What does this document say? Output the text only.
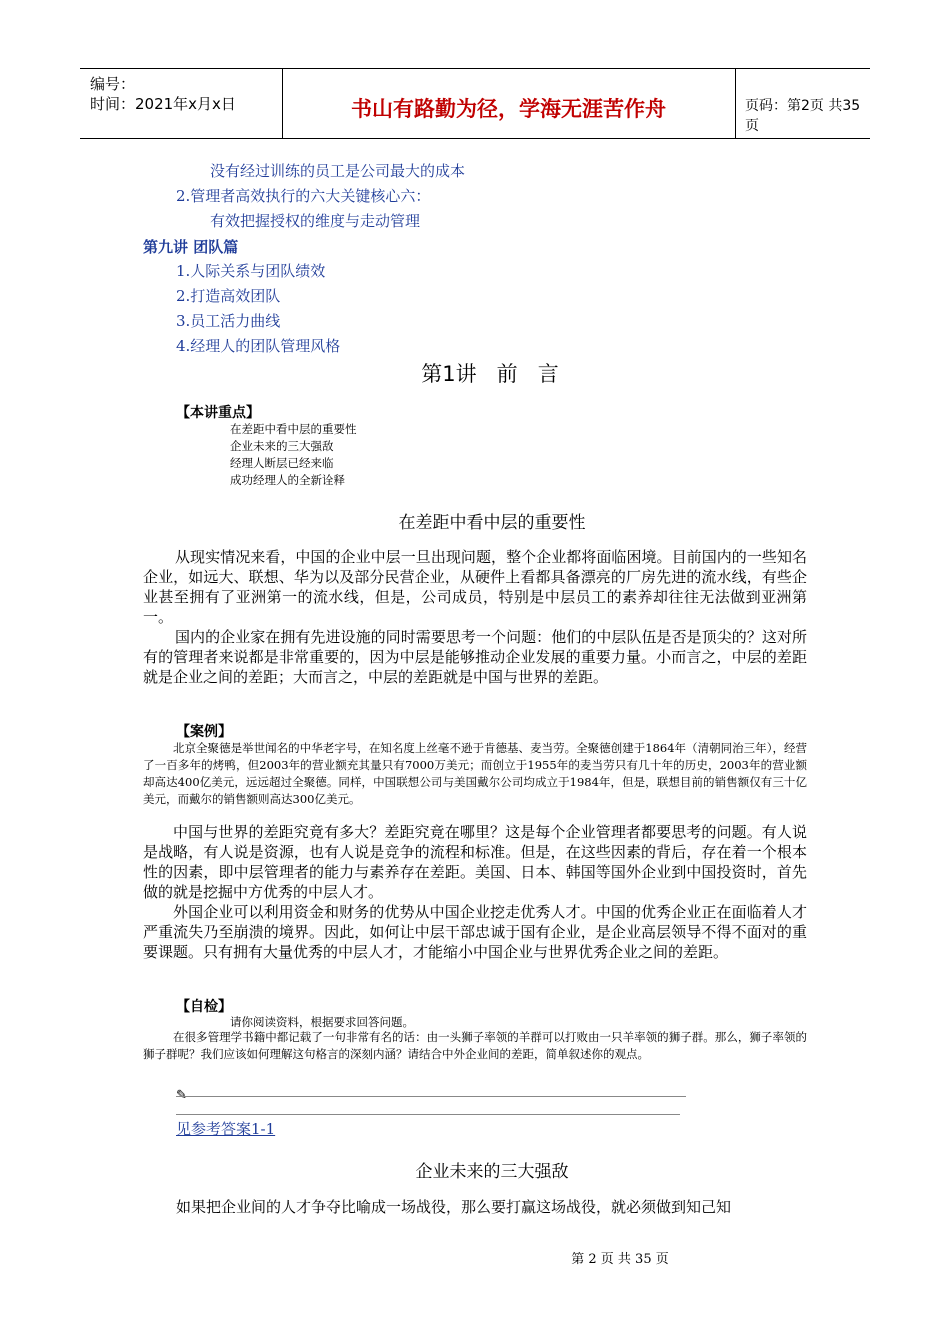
编号：
时间：2021年x月x日	书山有路勤为径，学海无涯苦作舟	页码：第2页 共35页
没有经过训练的员工是公司最大的成本
2.管理者高效执行的六大关键核心六：
有效把握授权的维度与走动管理
第九讲 团队篇
1.人际关系与团队绩效
2.打造高效团队
3.员工活力曲线
4.经理人的团队管理风格
第1讲   前   言
【本讲重点】
在差距中看中层的重要性
企业未来的三大强敌
经理人断层已经来临
成功经理人的全新诠释
在差距中看中层的重要性
从现实情况来看，中国的企业中层一旦出现问题，整个企业都将面临困境。目前国内的一些知名企业，如远大、联想、华为以及部分民营企业，从硬件上看都具备漂亮的厂房先进的流水线，有些企业甚至拥有了亚洲第一的流水线，但是，公司成员，特别是中层员工的素养却往往无法做到亚洲第一。
国内的企业家在拥有先进设施的同时需要思考一个问题：他们的中层队伍是否是顶尖的？这对所有的管理者来说都是非常重要的，因为中层是能够推动企业发展的重要力量。小而言之，中层的差距就是企业之间的差距；大而言之，中层的差距就是中国与世界的差距。
【案例】
北京全聚德是举世闻名的中华老字号，在知名度上丝毫不逊于肯德基、麦当劳。全聚德创建于1864年（清朝同治三年），经营了一百多年的烤鸭，但2003年的营业额充其量只有7000万美元；而创立于1955年的麦当劳只有几十年的历史，2003年的营业额却高达400亿美元，远远超过全聚德。同样，中国联想公司与美国戴尔公司均成立于1984年，但是，联想目前的销售额仅有三十亿美元，而戴尔的销售额则高达300亿美元。
中国与世界的差距究竟有多大？差距究竟在哪里？这是每个企业管理者都要思考的问题。有人说是战略，有人说是资源，也有人说是竞争的流程和标准。但是，在这些因素的背后，存在着一个根本性的因素，即中层管理者的能力与素养存在差距。美国、日本、韩国等国外企业到中国投资时，首先做的就是挖掘中方优秀的中层人才。
外国企业可以利用资金和财务的优势从中国企业挖走优秀人才。中国的优秀企业正在面临着人才严重流失乃至崩溃的境界。因此，如何让中层干部忠诚于国有企业，是企业高层领导不得不面对的重要课题。只有拥有大量优秀的中层人才，才能缩小中国企业与世界优秀企业之间的差距。
【自检】
请你阅读资料，根据要求回答问题。
在很多管理学书籍中都记载了一句非常有名的话：由一头狮子率领的羊群可以打败由一只羊率领的狮子群。那么，狮子率领的狮子群呢？我们应该如何理解这句格言的深刻内涵？请结合中外企业间的差距，简单叙述你的观点。
✎
见参考答案1-1
企业未来的三大强敌
如果把企业间的人才争夺比喻成一场战役，那么要打赢这场战役，就必须做到知己知
第 2 页 共 35 页
